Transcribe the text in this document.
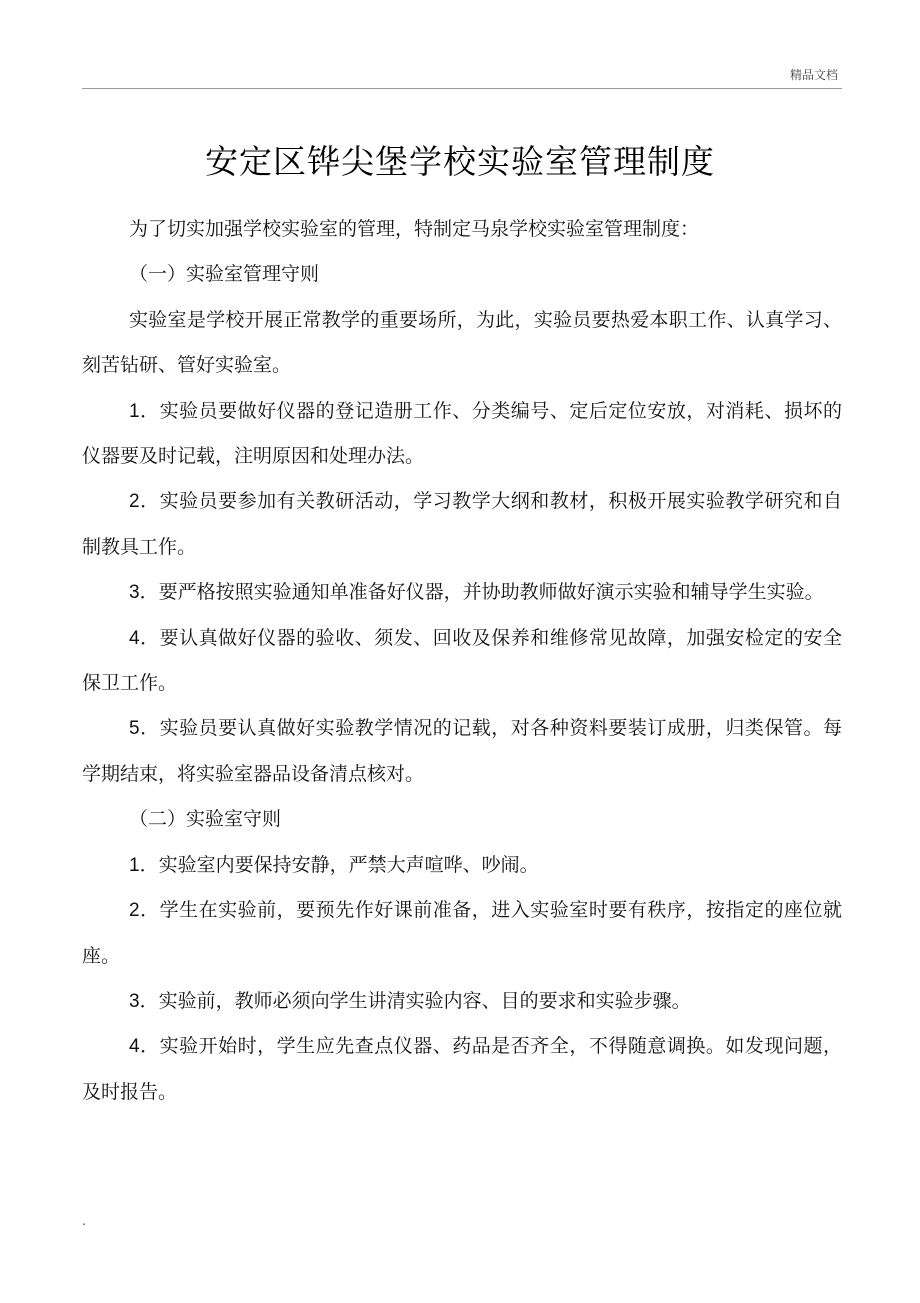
精品文档
安定区铧尖堡学校实验室管理制度

为了切实加强学校实验室的管理，特制定马泉学校实验室管理制度：

（一）实验室管理守则

实验室是学校开展正常教学的重要场所，为此，实验员要热爱本职工作、认真学习、刻苦钻研、管好实验室。

1．实验员要做好仪器的登记造册工作、分类编号、定后定位安放，对消耗、损坏的仪器要及时记载，注明原因和处理办法。

2．实验员要参加有关教研活动，学习教学大纲和教材，积极开展实验教学研究和自制教具工作。

3．要严格按照实验通知单准备好仪器，并协助教师做好演示实验和辅导学生实验。

4．要认真做好仪器的验收、须发、回收及保养和维修常见故障，加强安检定的安全保卫工作。

5．实验员要认真做好实验教学情况的记载，对各种资料要装订成册，归类保管。每学期结束，将实验室器品设备清点核对。

（二）实验室守则

1．实验室内要保持安静，严禁大声喧哗、吵闹。

2．学生在实验前，要预先作好课前准备，进入实验室时要有秩序，按指定的座位就座。

3．实验前，教师必须向学生讲清实验内容、目的要求和实验步骤。

4．实验开始时，学生应先查点仪器、药品是否齐全，不得随意调换。如发现问题，及时报告。

.
